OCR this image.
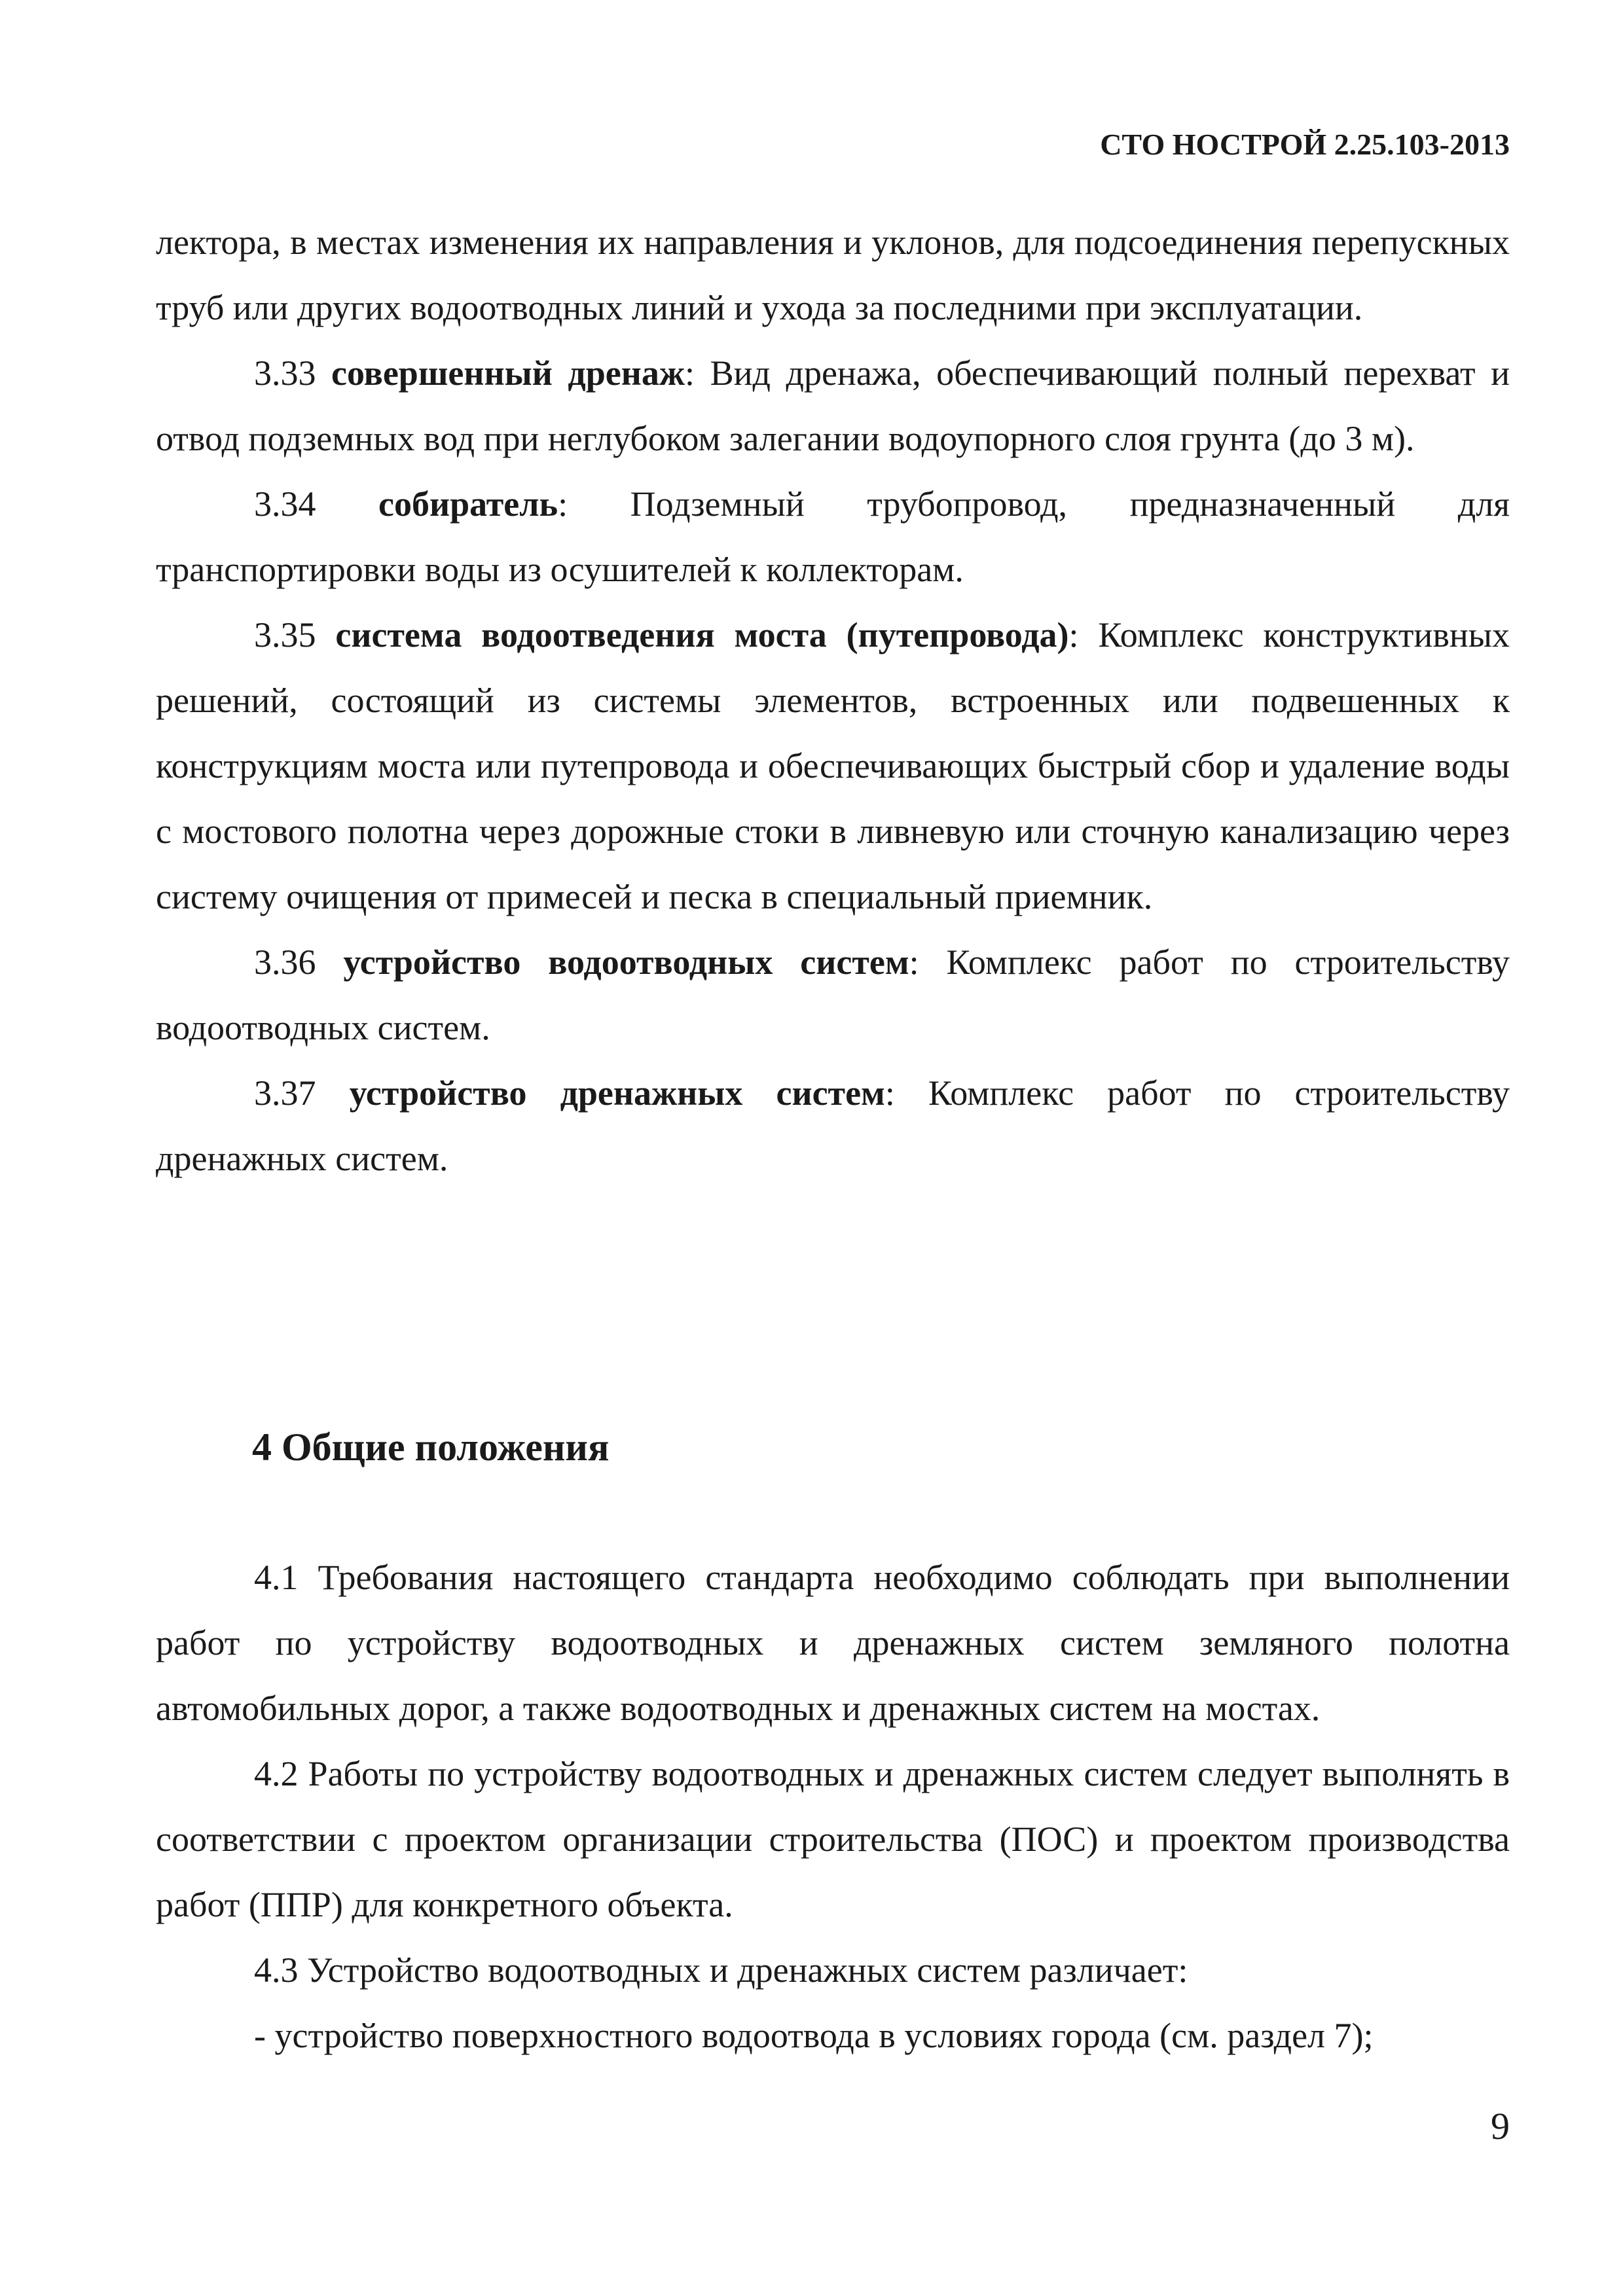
СТО НОСТРОЙ 2.25.103-2013

лектора, в местах изменения их направления и уклонов, для подсоединения перепускных труб или других водоотводных линий и ухода за последними при эксплуатации.

3.33 совершенный дренаж: Вид дренажа, обеспечивающий полный перехват и отвод подземных вод при неглубоком залегании водоупорного слоя грунта (до 3 м).

3.34 собиратель: Подземный трубопровод, предназначенный для транспортировки воды из осушителей к коллекторам.

3.35 система водоотведения моста (путепровода): Комплекс конструктивных решений, состоящий из системы элементов, встроенных или подвешенных к конструкциям моста или путепровода и обеспечивающих быстрый сбор и удаление воды с мостового полотна через дорожные стоки в ливневую или сточную канализацию через систему очищения от примесей и песка в специальный приемник.

3.36 устройство водоотводных систем: Комплекс работ по строительству водоотводных систем.

3.37 устройство дренажных систем: Комплекс работ по строительству дренажных систем.

4 Общие положения

4.1 Требования настоящего стандарта необходимо соблюдать при выполнении работ по устройству водоотводных и дренажных систем земляного полотна автомобильных дорог, а также водоотводных и дренажных систем на мостах.

4.2 Работы по устройству водоотводных и дренажных систем следует выполнять в соответствии с проектом организации строительства (ПОС) и проектом производства работ (ППР) для конкретного объекта.

4.3 Устройство водоотводных и дренажных систем различает:

- устройство поверхностного водоотвода в условиях города (см. раздел 7);

9
